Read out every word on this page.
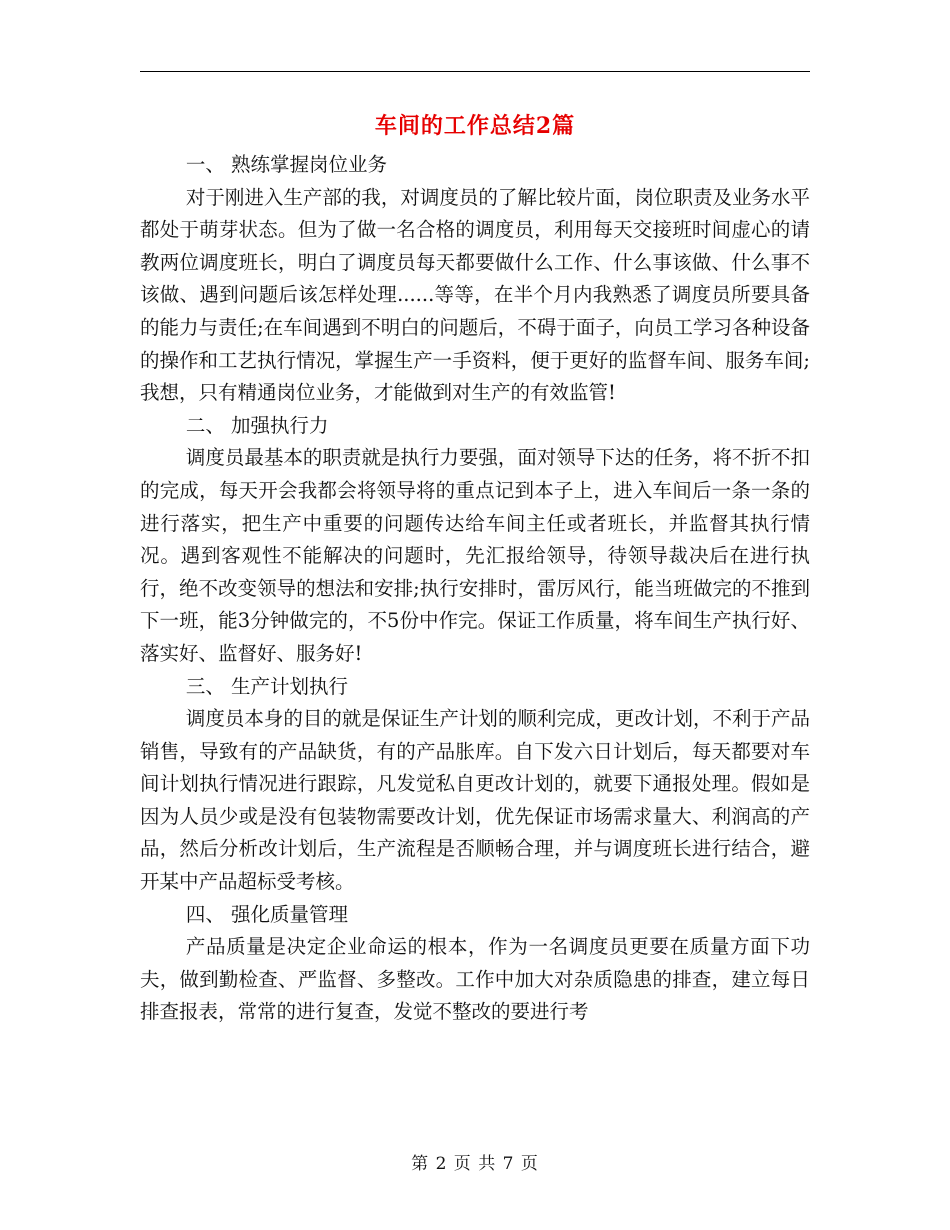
车间的工作总结2篇

一、 熟练掌握岗位业务

对于刚进入生产部的我，对调度员的了解比较片面，岗位职责及业务水平都处于萌芽状态。但为了做一名合格的调度员，利用每天交接班时间虚心的请教两位调度班长，明白了调度员每天都要做什么工作、什么事该做、什么事不该做、遇到问题后该怎样处理......等等，在半个月内我熟悉了调度员所要具备的能力与责任;在车间遇到不明白的问题后，不碍于面子，向员工学习各种设备的操作和工艺执行情况，掌握生产一手资料，便于更好的监督车间、服务车间;我想，只有精通岗位业务，才能做到对生产的有效监管!

二、 加强执行力

调度员最基本的职责就是执行力要强，面对领导下达的任务，将不折不扣的完成，每天开会我都会将领导将的重点记到本子上，进入车间后一条一条的进行落实，把生产中重要的问题传达给车间主任或者班长，并监督其执行情况。遇到客观性不能解决的问题时，先汇报给领导，待领导裁决后在进行执行，绝不改变领导的想法和安排;执行安排时，雷厉风行，能当班做完的不推到下一班，能3分钟做完的，不5份中作完。保证工作质量，将车间生产执行好、落实好、监督好、服务好!

三、 生产计划执行

调度员本身的目的就是保证生产计划的顺利完成，更改计划，不利于产品销售，导致有的产品缺货，有的产品胀库。自下发六日计划后，每天都要对车间计划执行情况进行跟踪，凡发觉私自更改计划的，就要下通报处理。假如是因为人员少或是没有包装物需要改计划，优先保证市场需求量大、利润高的产品，然后分析改计划后，生产流程是否顺畅合理，并与调度班长进行结合，避开某中产品超标受考核。

四、 强化质量管理

产品质量是决定企业命运的根本，作为一名调度员更要在质量方面下功夫，做到勤检查、严监督、多整改。工作中加大对杂质隐患的排查，建立每日排查报表，常常的进行复查，发觉不整改的要进行考

第 2 页 共 7 页
